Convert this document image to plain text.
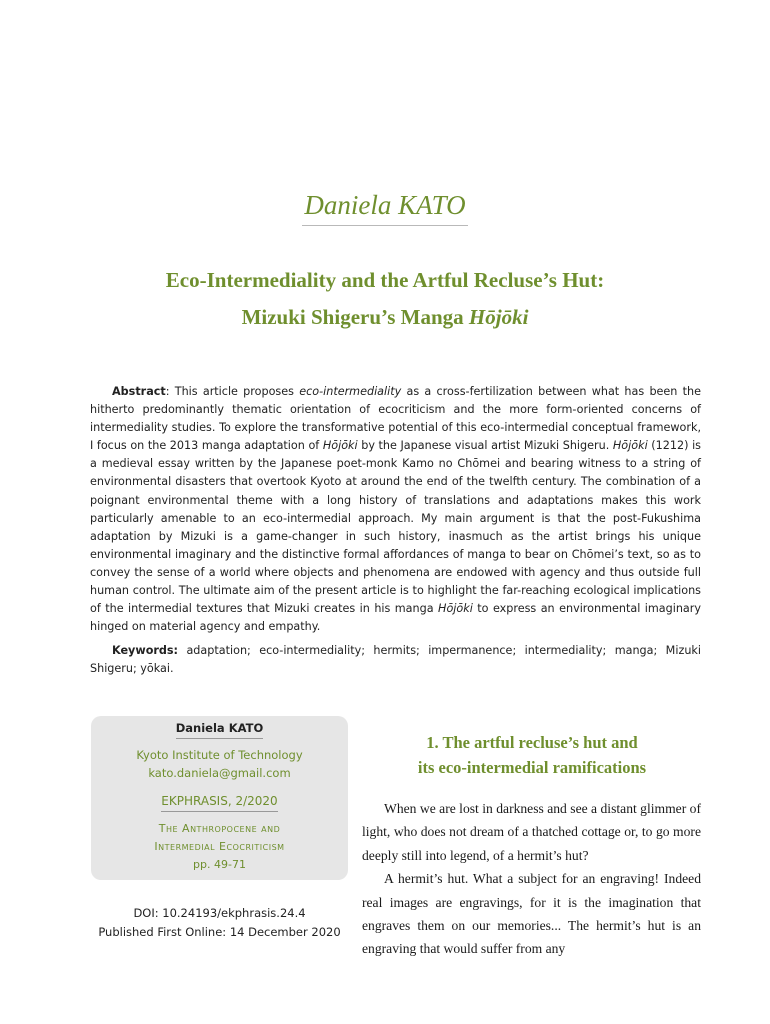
Daniela KATO
Eco-Intermediality and the Artful Recluse’s Hut:
Mizuki Shigeru’s Manga Hōjōki

Abstract: This article proposes eco-intermediality as a cross-fertilization between what has been the hitherto predominantly thematic orientation of ecocriticism and the more form-oriented concerns of intermediality studies. To explore the transformative potential of this eco-intermedial conceptual framework, I focus on the 2013 manga adaptation of Hōjōki by the Japanese visual artist Mizuki Shigeru. Hōjōki (1212) is a medieval essay written by the Japanese poet-monk Kamo no Chōmei and bearing witness to a string of environmental disasters that overtook Kyoto at around the end of the twelfth century. The combination of a poignant environmental theme with a long history of translations and adaptations makes this work particularly amenable to an eco-intermedial approach. My main argument is that the post-Fukushima adaptation by Mizuki is a game-changer in such history, inasmuch as the artist brings his unique environmental imaginary and the distinctive formal affordances of manga to bear on Chōmei’s text, so as to convey the sense of a world where objects and phenomena are endowed with agency and thus outside full human control. The ultimate aim of the present article is to highlight the far-reaching ecological implications of the intermedial textures that Mizuki creates in his manga Hōjōki to express an environmental imaginary hinged on material agency and empathy.

Keywords: adaptation; eco-intermediality; hermits; impermanence; intermediality; manga; Mizuki Shigeru; yōkai.

Daniela KATO
Kyoto Institute of Technology
kato.daniela@gmail.com
EKPHRASIS, 2/2020
The Anthropocene and
Intermedial Ecocriticism
pp. 49-71
DOI: 10.24193/ekphrasis.24.4
Published First Online: 14 December 2020
1. The artful recluse’s hut and
its eco-intermedial ramifications

When we are lost in darkness and see a distant glimmer of light, who does not dream of a thatched cottage or, to go more deeply still into legend, of a hermit’s hut?

A hermit’s hut. What a subject for an engraving! Indeed real images are engravings, for it is the imagination that engraves them on our memories... The hermit’s hut is an engraving that would suffer from any
